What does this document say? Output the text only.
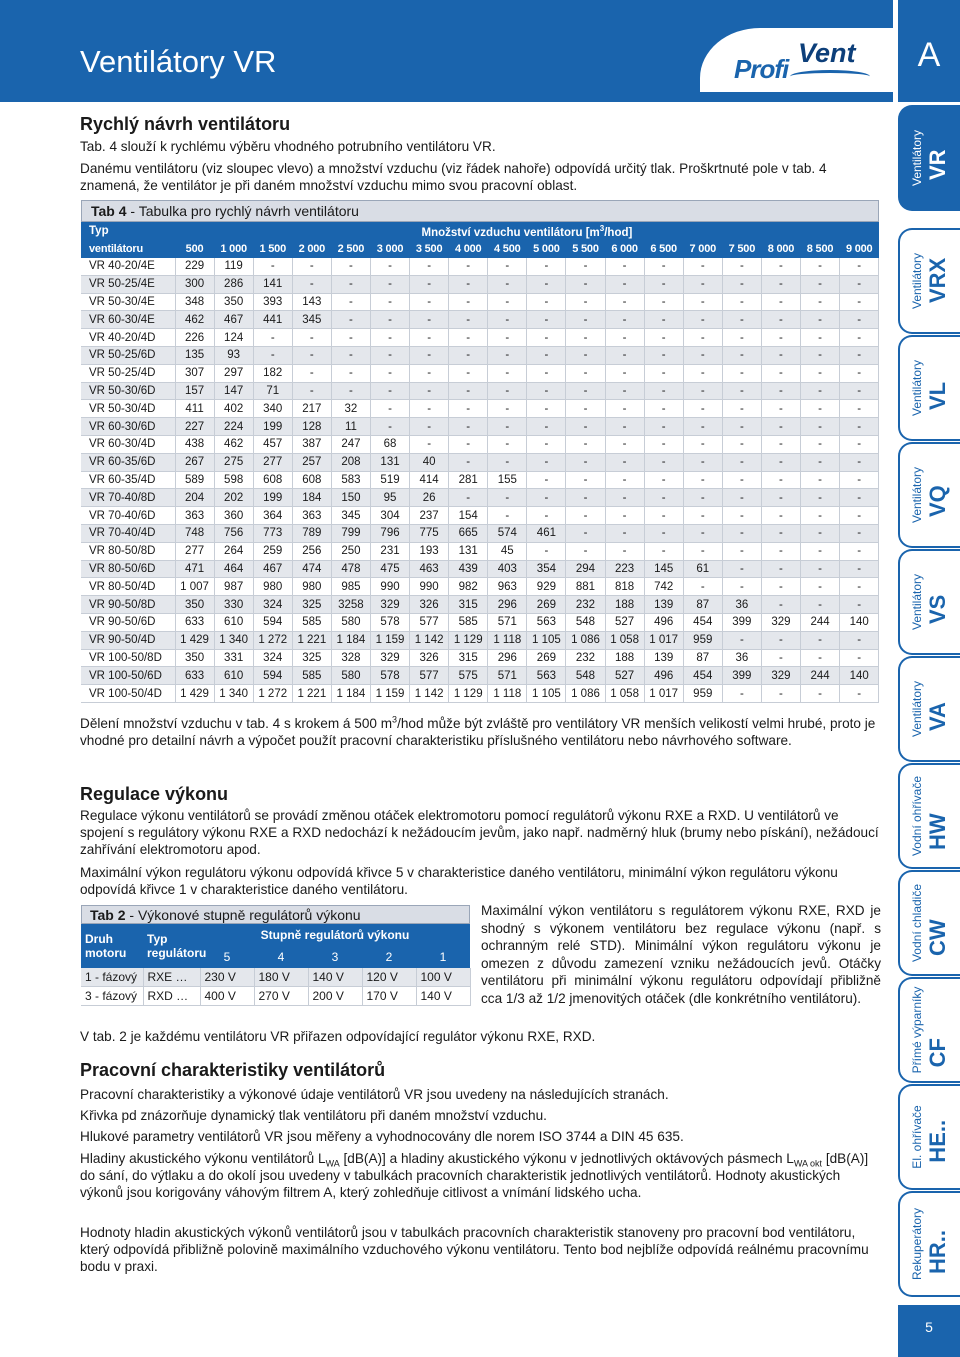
Ventilátory VR	Profi
Vent	A
Ventilátory VR
Ventilátory VRX
Ventilátory VL
Ventilátory VQ
Ventilátory VS
Ventilátory VA
Vodní ohřívače HW
Vodní chladiče CW
Přímé výparníky CF
El. ohřívače HE..
Rekuperátory HR..
5
Rychlý návrh ventilátoru

Tab. 4 slouží k rychlému výběru vhodného potrubního ventilátoru VR.

Danému ventilátoru (viz sloupec vlevo) a množství vzduchu (viz řádek nahoře) odpovídá určitý tlak. Proškrtnuté pole v tab. 4 znamená, že ventilátor je při daném množství vzduchu mimo svou pracovní oblast.

Tab 4 - Tabulka pro rychlý návrh ventilátoru
Typ	Množství vzduchu ventilátoru $[m^3/hod]$																	
ventilátoru	500	1 000	1 500	2 000	2 500	3 000	3 500	4 000	4 500	5 000	5 500	6 000	6 500	7 000	7 500	8 000	8 500	9 000
VR 40-20/4E	229	119	-	-	-	-	-	-	-	-	-	-	-	-	-	-	-	-
VR 50-25/4E	300	286	141	-	-	-	-	-	-	-	-	-	-	-	-	-	-	-
VR 50-30/4E	348	350	393	143	-	-	-	-	-	-	-	-	-	-	-	-	-	-
VR 60-30/4E	462	467	441	345	-	-	-	-	-	-	-	-	-	-	-	-	-	-
VR 40-20/4D	226	124	-	-	-	-	-	-	-	-	-	-	-	-	-	-	-	-
VR 50-25/6D	135	93	-	-	-	-	-	-	-	-	-	-	-	-	-	-	-	-
VR 50-25/4D	307	297	182	-	-	-	-	-	-	-	-	-	-	-	-	-	-	-
VR 50-30/6D	157	147	71	-	-	-	-	-	-	-	-	-	-	-	-	-	-	-
VR 50-30/4D	411	402	340	217	32	-	-	-	-	-	-	-	-	-	-	-	-	-
VR 60-30/6D	227	224	199	128	11	-	-	-	-	-	-	-	-	-	-	-	-	-
VR 60-30/4D	438	462	457	387	247	68	-	-	-	-	-	-	-	-	-	-	-	-
VR 60-35/6D	267	275	277	257	208	131	40	-	-	-	-	-	-	-	-	-	-	-
VR 60-35/4D	589	598	608	608	583	519	414	281	155	-	-	-	-	-	-	-	-	-
VR 70-40/8D	204	202	199	184	150	95	26	-	-	-	-	-	-	-	-	-	-	-
VR 70-40/6D	363	360	364	363	345	304	237	154	-	-	-	-	-	-	-	-	-	-
VR 70-40/4D	748	756	773	789	799	796	775	665	574	461	-	-	-	-	-	-	-	-
VR 80-50/8D	277	264	259	256	250	231	193	131	45	-	-	-	-	-	-	-	-	-
VR 80-50/6D	471	464	467	474	478	475	463	439	403	354	294	223	145	61	-	-	-	-
VR 80-50/4D	1 007	987	980	980	985	990	990	982	963	929	881	818	742	-	-	-	-	-
VR 90-50/8D	350	330	324	325	3258	329	326	315	296	269	232	188	139	87	36	-	-	-
VR 90-50/6D	633	610	594	585	580	578	577	585	571	563	548	527	496	454	399	329	244	140
VR 90-50/4D	1 429	1 340	1 272	1 221	1 184	1 159	1 142	1 129	1 118	1 105	1 086	1 058	1 017	959	-	-	-	-
VR 100-50/8D	350	331	324	325	328	329	326	315	296	269	232	188	139	87	36	-	-	-
VR 100-50/6D	633	610	594	585	580	578	577	575	571	563	548	527	496	454	399	329	244	140
VR 100-50/4D	1 429	1 340	1 272	1 221	1 184	1 159	1 142	1 129	1 118	1 105	1 086	1 058	1 017	959	-	-	-	-

Dělení množství vzduchu v tab. 4 s krokem á 500 $m^3$/hod může být zvláště pro ventilátory VR menších velikostí velmi hrubé, proto je vhodné pro detailní návrh a výpočet použít pracovní charakteristiku příslušného ventilátoru nebo návrhového software.

Regulace výkonu

Regulace výkonu ventilátorů se provádí změnou otáček elektromotoru pomocí regulátorů výkonu RXE a RXD. U ventilátorů ve spojení s regulátory výkonu RXE a RXD nedochází k nežádoucím jevům, jako např. nadměrný hluk (brumy nebo pískání), nežádoucí zahřívání elektromotoru apod.

Maximální výkon regulátoru výkonu odpovídá křivce 5 v charakteristice daného ventilátoru, minimální výkon regulátoru výkonu odpovídá křivce 1 v charakteristice daného ventilátoru.

Tab 2 - Výkonové stupně regulátorů výkonu
Druh motoru	Typ regulátoru	Stupně regulátorů výkonu				
		5	4	3	2	1
1 - fázový	RXE …	230 V	180 V	140 V	120 V	100 V
3 - fázový	RXD …	400 V	270 V	200 V	170 V	140 V

Maximální výkon ventilátoru s regulátorem výkonu RXE, RXD je shodný s výkonem ventilátoru bez regulace výkonu (např. s ochranným relé STD). Minimální výkon regulátoru výkonu je omezen z důvodu zamezení vzniku nežádoucích jevů. Otáčky ventilátoru při minimální výkonu regulátoru odpovídají přibližně cca 1/3 až 1/2 jmenovitých otáček (dle konkrétního ventilátoru).

V tab. 2 je každému ventilátoru VR přiřazen odpovídající regulátor výkonu RXE, RXD.

Pracovní charakteristiky ventilátorů

Pracovní charakteristiky a výkonové údaje ventilátorů VR jsou uvedeny na následujících stranách.

Křivka pd znázorňuje dynamický tlak ventilátoru při daném množství vzduchu.

Hlukové parametry ventilátorů VR jsou měřeny a vyhodnocovány dle norem ISO 3744 a DIN 45 635.

Hladiny akustického výkonu ventilátorů $L_{WA}$ [dB(A)] a hladiny akustického výkonu v jednotlivých oktávových pásmech $L_{WA okt}$ [dB(A)] do sání, do výtlaku a do okolí jsou uvedeny v tabulkách pracovních charakteristik jednotlivých ventilátorů. Hodnoty akustických výkonů jsou korigovány váhovým filtrem A, který zohledňuje citlivost a vnímání lidského ucha.

Hodnoty hladin akustických výkonů ventilátorů jsou v tabulkách pracovních charakteristik stanoveny pro pracovní bod ventilátoru, který odpovídá přibližně polovině maximálního vzduchového výkonu ventilátoru. Tento bod nejblíže odpovídá reálnému pracovnímu bodu v praxi.
